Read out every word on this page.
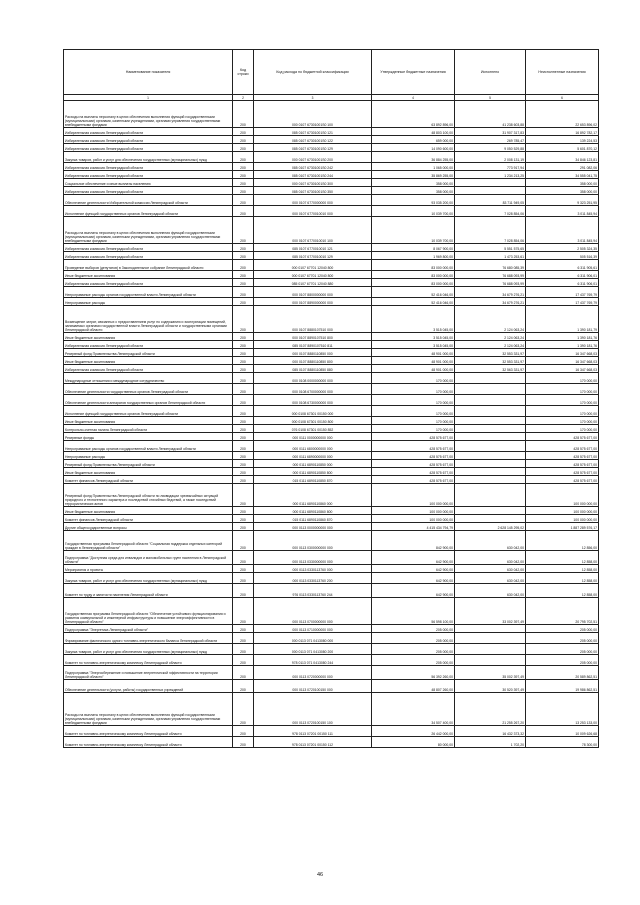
Наименование показателя	Код строки	Код расхода по бюджетной классификации	Утвержденные бюджетные назначения	Исполнено	Неисполненные назначения
1	2	3	4	5	6
Расходы на выплаты персоналу в целях обеспечения выполнения функций государственными (муниципальными) органами, казенными учреждениями, органами управления государственными внебюджетными фондами	200	000 0107 67301001S0 100	63 892 896,00	41 238 603,88	22 653 896,02
Избирательная комиссия Ленинградской области	200	085 0107 67301001S0 121	48 803 100,00	31 907 317,83	16 892 782,17
Избирательная комиссия Ленинградской области	200	085 0107 67301001S0 122	659 000,00	269 785,47	139 224,53
Избирательная комиссия Ленинградской области	200	085 0107 67301001S0 129	14 090 600,00	9 050 529,88	5 601 870,12
Закупка товаров, работ и услуг для обеспечения государственных (муниципальных) нужд	200	000 0107 67301001S0 200	36 884 255,00	2 008 131,19	34 846 123,81
Избирательная комиссия Ленинградской области	200	085 0107 67301001S0 242	1 065 000,00	773 917,94	291 082,06
Избирательная комиссия Ленинградской области	200	085 0107 67301001S0 244	35 869 255,00	1 234 213,25	34 555 041,75
Социальное обеспечение и иные выплаты населению	200	000 0107 67301001S0 300	358 000,00		358 000,00
Избирательная комиссия Ленинградской области	200	085 0107 67301001S0 350	358 000,00		358 000,00
Обеспечение деятельности Избирательной комиссии Ленинградской области	200	000 0107 6770000000 000	93 035 200,00	83 711 949,05	9 323 251,95
Исполнение функций государственных органов Ленинградской области	200	000 0107 6770010010 000	10 039 700,00	7 028 854,06	3 011 845,94
Расходы на выплаты персоналу в целях обеспечения выполнения функций государственными (муниципальными) органами, казенными учреждениями, органами управления государственными внебюджетными фондами	200	000 0107 6770010010 100	10 039 700,00	7 028 854,06	3 011 845,94
Избирательная комиссия Ленинградской области	200	085 0107 6770010010 121	8 067 900,00	5 551 575,65	2 505 324,35
Избирательная комиссия Ленинградской области	200	085 0107 6770010010 129	1 969 800,00	1 473 253,61	505 516,39
Проведение выборов (депутатов) в Законодательное собрание Ленинградской области	200	000 0107 67701 12040 800	83 000 000,00	76 680 085,39	6 311 905,61
Иные бюджетные ассигнования	200	000 0107 67701 12040 800	83 000 000,00	76 688 093,99	6 311 906,01
Избирательная комиссия Ленинградской области	200	085 0107 67701 12040 880	83 000 000,00	76 688 093,99	6 311 906,01
Непрограммные расходы органов государственной власти Ленинградской области	200	000 0107 8800000000 000	52 416 046,00	34 679 276,21	17 437 769,79
Непрограммные расходы	200	000 0107 8890000000 000	52 416 046,00	34 679 276,21	17 437 769,79
Возмещение затрат, связанных с предоставлением услуг по содержанию и эксплуатации помещений, занимаемых органами государственной власти Ленинградской области и государственными органами Ленинградской области	200	000 0107 8880107510 000	3 515 045,00	2 124 063,24	1 390 181,79
Иные бюджетные ассигнования	200	000 0107 8890107510 800	3 515 045,00	2 124 063,24	1 390 181,76
Избирательная комиссия Ленинградской области	200	085 0107 8890107510 811	3 515 045,00	2 124 063,24	1 390 181,76
Резервный фонд Правительства Ленинградской области	200	000 0107 8880110850 000	48 901 000,00	32 553 331,97	16 347 668,03
Иные бюджетные ассигнования	200	000 0107 8880110850 800	48 901 000,00	32 553 331,97	16 347 668,03
Избирательная комиссия Ленинградской области	200	085 0107 8880110850 880	48 901 000,00	32 563 331,97	16 347 668,03
Международные отношения и международное сотрудничество	200	000 0108 0000000000 000	170 000,00		170 000,00
Обеспечение деятельности государственных органов Ленинградской области	200	000 0108 6700000000 000	170 000,00		170 000,00
Обеспечение деятельности аппаратов государственных органов Ленинградской области	200	000 0108 6730000000 000	170 000,00		170 000,00
Исполнение функций государственных органов Ленинградской области	200	000 0108 67301 00150 000	170 000,00		170 000,00
Иные бюджетные ассигнования	200	000 0108 67301 00150 800	170 000,00		170 000,00
Контрольно-счетная палата Ленинградской области	200	076 0108 67301 00150 852	170 000,00		170 000,00
Резервные фонды	200	000 0111 0000000000 000	428 575 677,00		428 575 677,00
Непрограммные расходы органов государственной власти Ленинградской области	200	000 0111 6800000000 000	428 575 677,00		428 575 677,00
Непрограммные расходы	200	000 0111 6890000000 000	428 575 677,00		428 575 677,00
Резервный фонд Правительства Ленинградской области	200	000 0111 6890110850 000	428 575 677,00		428 575 677,00
Иные бюджетные ассигнования	200	000 0111 6890110850 800	428 575 677,00		428 575 677,00
Комитет финансов Ленинградской области	200	015 0111 6890110850 870	428 575 677,00		428 575 677,00
Резервный фонд Правительства Ленинградской области по ликвидации чрезвычайных ситуаций природного и техногенного характера и последствий стихийных бедствий, а также последствий террористических актов	200	000 0111 6890110860 000	100 000 000,00		100 000 000,00
Иные бюджетные ассигнования	200	000 0111 6890110860 800	100 000 000,00		100 000 000,00
Комитет финансов Ленинградской области	200	015 0111 6890110860 870	100 000 000,00		100 000 000,00
Другие общегосударственные вопросы	200	000 0113 0000000000 000	4 415 434 794,79	2 628 145 295,02	1 887 289 576,17
Государственная программа Ленинградской области "Социальная поддержка отдельных категорий граждан в Ленинградской области"	200	000 0113 0300000000 000	842 900,00	630 042,00	12 856,00
Подпрограмма "Доступная среда для инвалидов и маломобильных групп населения в Ленинградской области"	200	000 0113 0330000000 000	642 900,00	630 042,00	12 858,00
Мероприятия и проекты	200	000 0113 0330113760 000	642 900,00	630 042,00	12 858,00
Закупка товаров, работ и услуг для обеспечения государственных (муниципальных) нужд	200	000 0113 0330113760 200	642 900,00	630 042,00	12 858,00
Комитет по труду и занятости населения Ленинградской области	200	976 0113 0330113760 244	642 900,00	630 042,00	12 858,00
Государственная программа Ленинградской области "Обеспечение устойчивого функционирования и развития коммунальной и инженерной инфраструктуры и повышение энергоэффективности в Ленинградской области"	200	000 0113 0700000000 000	56 598 100,00	33 002 397,49	20 795 702,51
Подпрограмма "Энергетика Ленинградской области"	200	000 0113 0710000000 000	205 000,00		205 000,00
Формирование фактического одного топливно-энергетического баланса Ленинградской области	200	000 0113 071 0413080 000	205 000,00		205 000,00
Закупка товаров, работ и услуг для обеспечения государственных (муниципальных) нужд	200	000 0113 071 0413080 200	205 000,00		205 000,00
Комитет по топливно-энергетическому комплексу Ленинградской области	200	978 0113 071 0413080 244	205 000,00		205 000,00
Подпрограмма "Энергосбережение и повышение энергетической эффективности на территории Ленинградской области"	200	000 0113 0720000000 000	56 392 260,00	35 002 397,49	20 589 862,51
Обеспечение деятельности (услуги, работы) государственных учреждений	200	000 0113 0720100150 000	48 807 260,00	30 520 397,49	19 986 862,51
Расходы на выплаты персоналу в целях обеспечения выполнения функций государственными (муниципальными) органами, казенными учреждениями, органами управления государственными внебюджетными фондами	200	000 0113 0720100150 100	34 507 400,00	21 255 267,20	13 253 133,00
Комитет по топливно-энергетическому комплексу Ленинградской области	200	978 0113 07201 00150 111	26 442 000,00	16 432 373,32	10 009 626,68
Комитет по топливно-энергетическому комплексу Ленинградской области	200	978 0113 07201 00150 112	80 000,00	1 702,20	78 300,00
46
